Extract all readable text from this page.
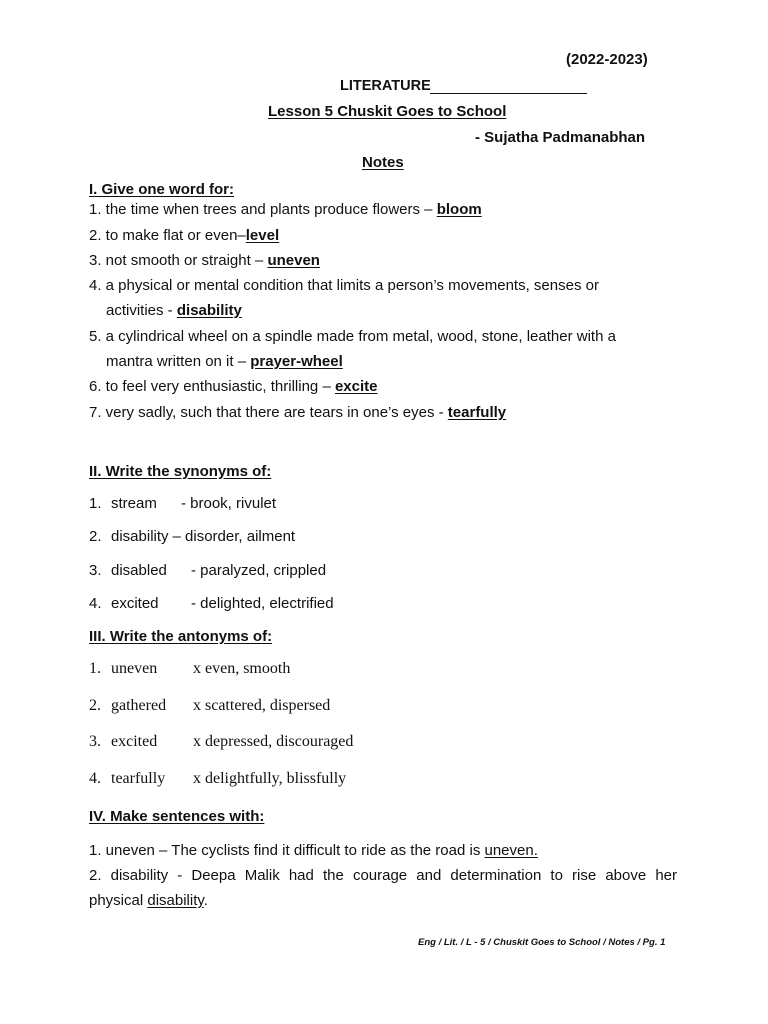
(2022-2023)
LITERATURE
Lesson 5 Chuskit Goes to School
- Sujatha Padmanabhan
Notes
I. Give one word for:
1. the time when trees and plants produce flowers – bloom
2. to make flat or even–level
3. not smooth or straight – uneven
4. a physical or mental condition that limits a person’s movements, senses or
activities - disability
5. a cylindrical wheel on a spindle made from metal, wood, stone, leather with a
mantra written on it – prayer-wheel
6. to feel very enthusiastic, thrilling – excite
7. very sadly, such that there are tears in one’s eyes - tearfully
II. Write the synonyms of:
1. stream - brook, rivulet
2. disability – disorder, ailment
3. disabled - paralyzed, crippled
4. excited - delighted, electrified
III. Write the antonyms of:
1. uneven x even, smooth
2. gathered x scattered, dispersed
3. excited x depressed, discouraged
4. tearfully x delightfully, blissfully
IV. Make sentences with:
1. uneven – The cyclists find it difficult to ride as the road is uneven.
2. disability - Deepa Malik had the courage and determination to rise above her
physical disability.
Eng / Lit. / L - 5 / Chuskit Goes to School / Notes / Pg. 1
